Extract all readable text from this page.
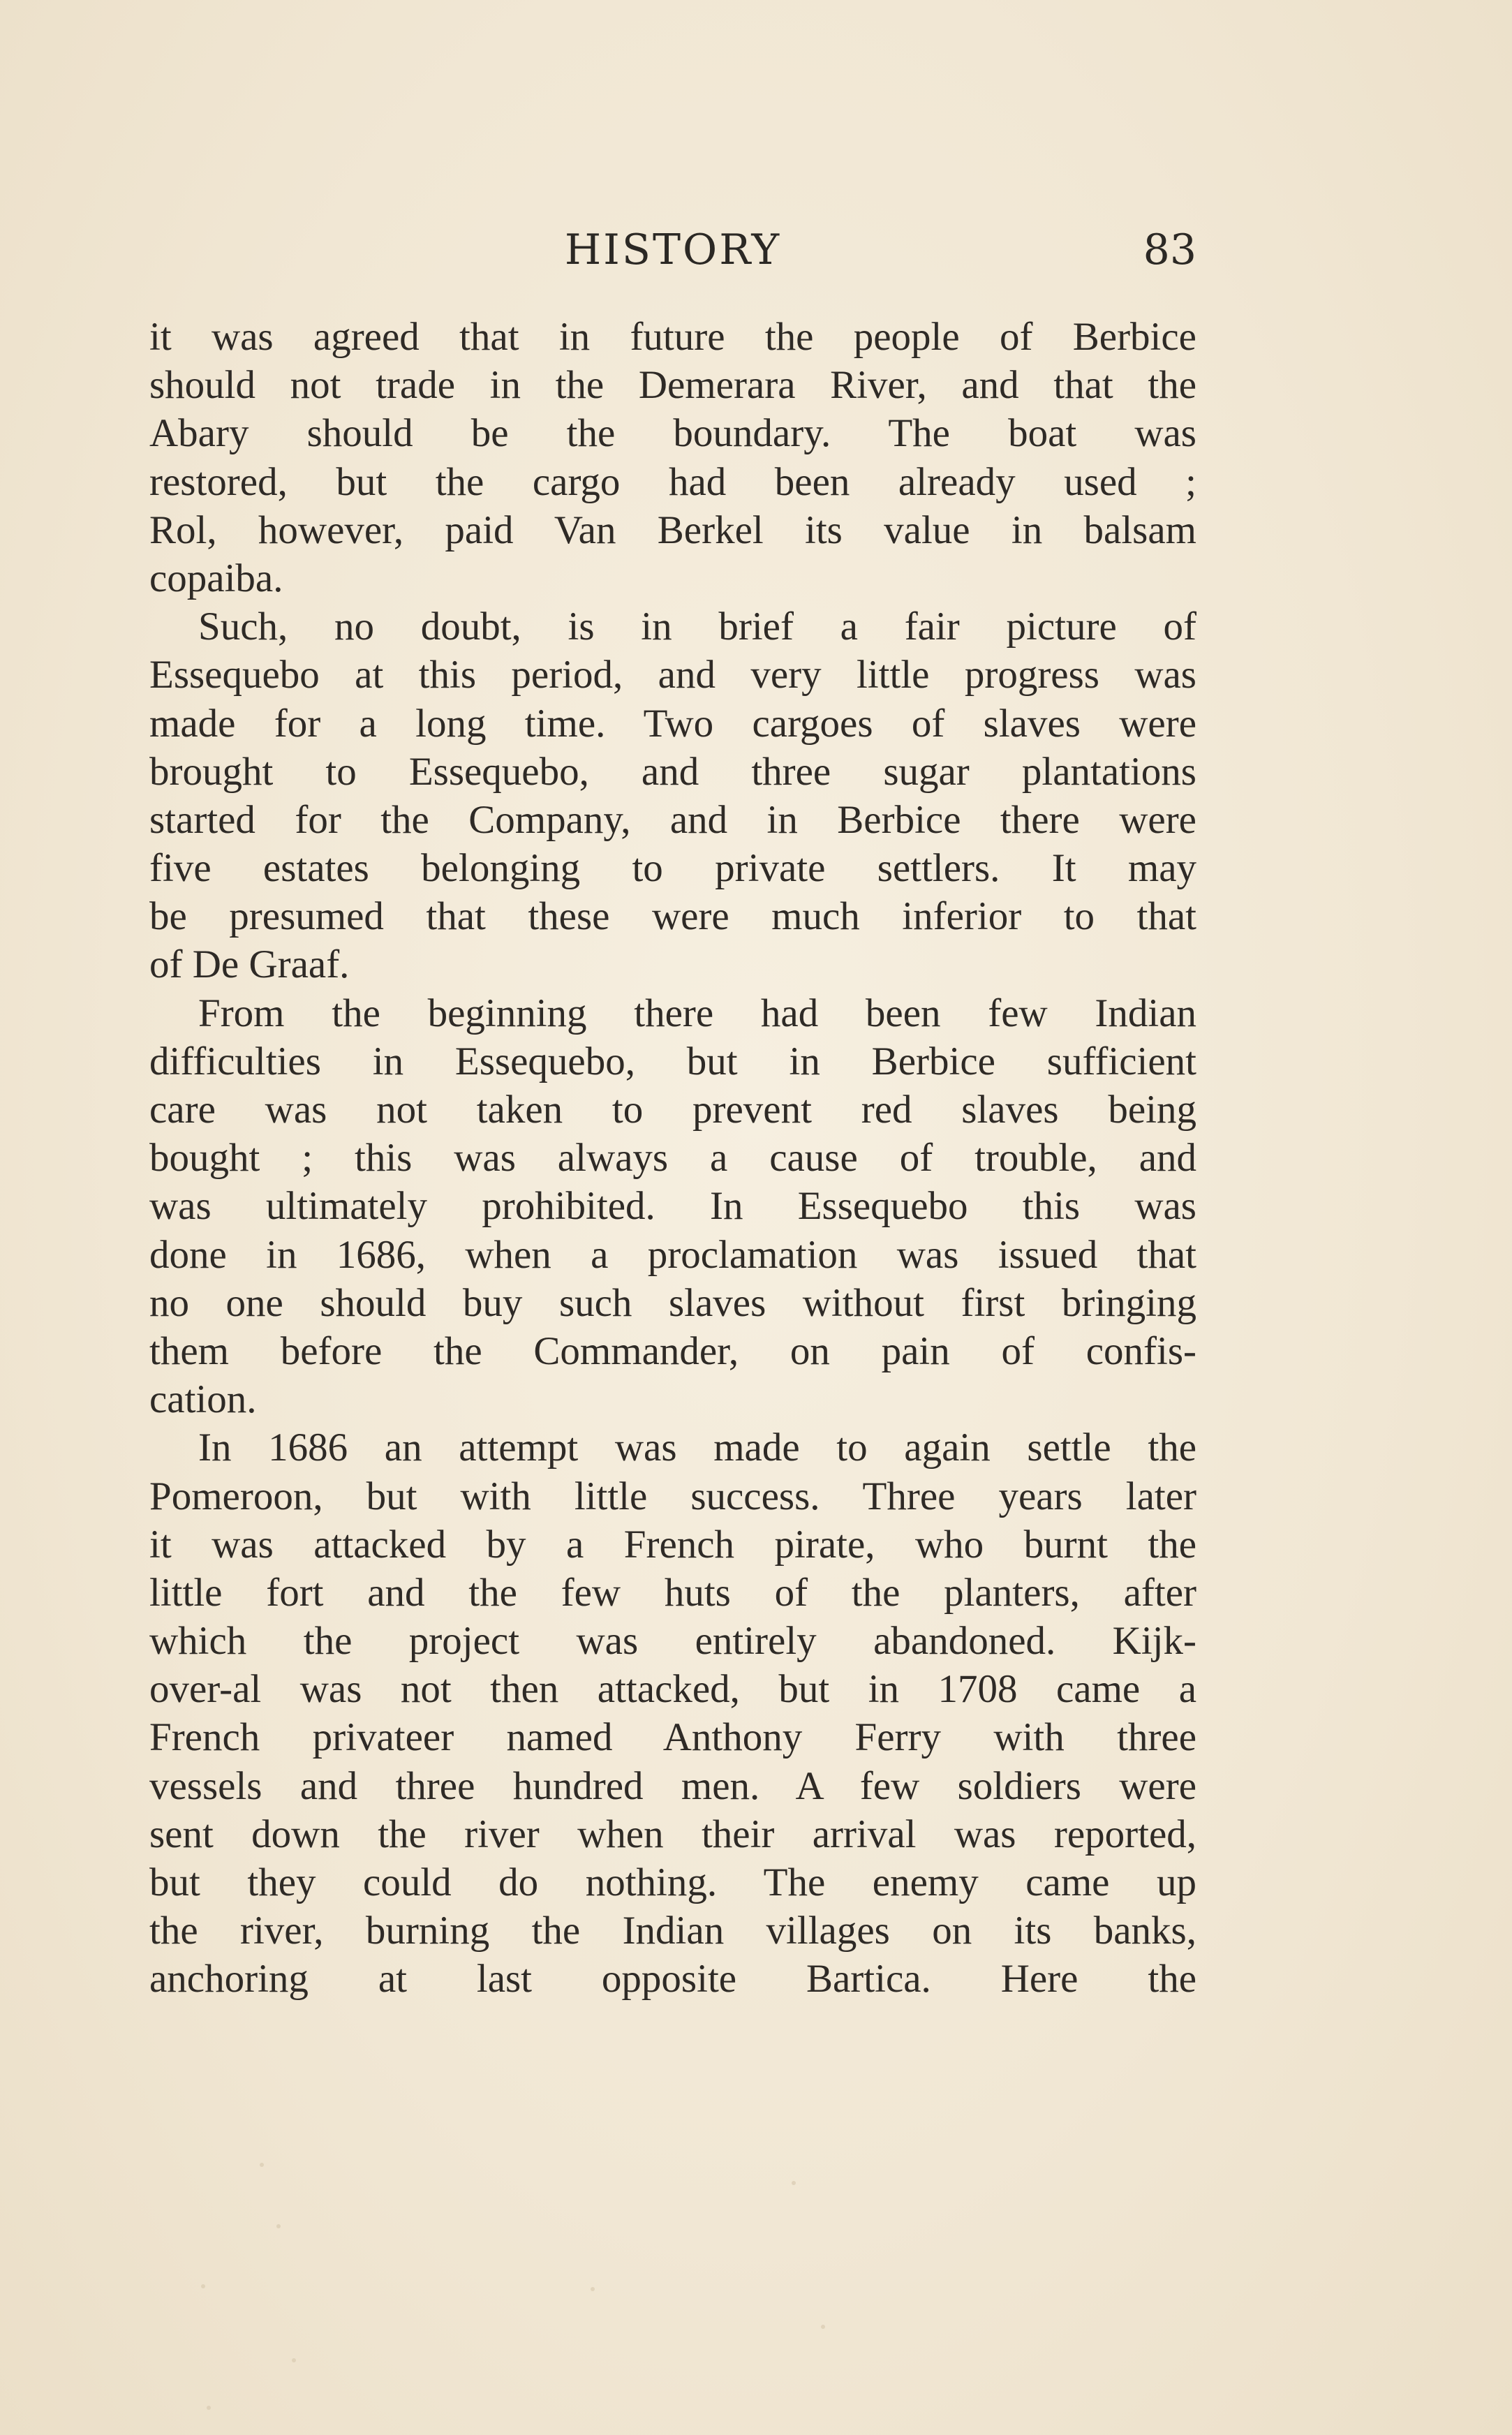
HISTORY	83
it was agreed that in future the people of Berbice
should not trade in the Demerara River, and that the
Abary should be the boundary. The boat was
restored, but the cargo had been already used ;
Rol, however, paid Van Berkel its value in balsam
copaiba.
Such, no doubt, is in brief a fair picture of
Essequebo at this period, and very little progress was
made for a long time. Two cargoes of slaves were
brought to Essequebo, and three sugar plantations
started for the Company, and in Berbice there were
five estates belonging to private settlers. It may
be presumed that these were much inferior to that
of De Graaf.
From the beginning there had been few Indian
difficulties in Essequebo, but in Berbice sufficient
care was not taken to prevent red slaves being
bought ; this was always a cause of trouble, and
was ultimately prohibited. In Essequebo this was
done in 1686, when a proclamation was issued that
no one should buy such slaves without first bringing
them before the Commander, on pain of confis-
cation.
In 1686 an attempt was made to again settle the
Pomeroon, but with little success. Three years later
it was attacked by a French pirate, who burnt the
little fort and the few huts of the planters, after
which the project was entirely abandoned. Kijk-
over-al was not then attacked, but in 1708 came a
French privateer named Anthony Ferry with three
vessels and three hundred men. A few soldiers were
sent down the river when their arrival was reported,
but they could do nothing. The enemy came up
the river, burning the Indian villages on its banks,
anchoring at last opposite Bartica. Here the
